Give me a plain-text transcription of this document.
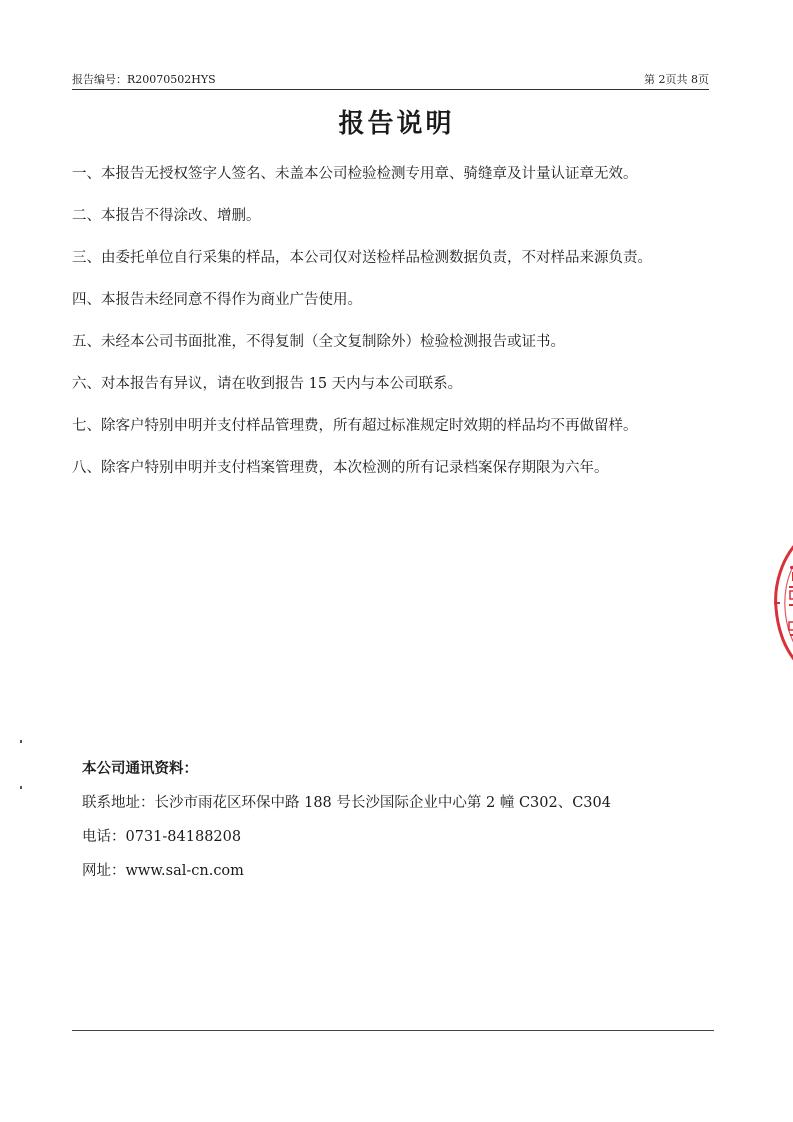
报告编号：R20070502HYS	第 2页共 8页
报告说明
一、本报告无授权签字人签名、未盖本公司检验检测专用章、骑缝章及计量认证章无效。
二、本报告不得涂改、增删。
三、由委托单位自行采集的样品，本公司仅对送检样品检测数据负责，不对样品来源负责。
四、本报告未经同意不得作为商业广告使用。
五、未经本公司书面批准，不得复制（全文复制除外）检验检测报告或证书。
六、对本报告有异议，请在收到报告 15 天内与本公司联系。
七、除客户特别申明并支付样品管理费，所有超过标准规定时效期的样品均不再做留样。
八、除客户特别申明并支付档案管理费，本次检测的所有记录档案保存期限为六年。
本公司通讯资料：
联系地址：长沙市雨花区环保中路 188 号长沙国际企业中心第 2 幢 C302、C304
电话：0731-84188208
网址：www.sal-cn.com
